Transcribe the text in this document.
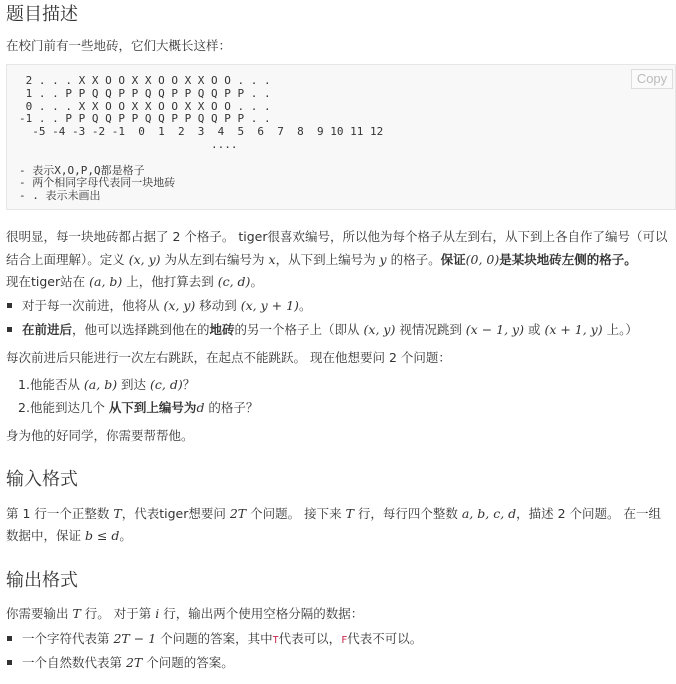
题目描述

在校门前有一些地砖，它们大概长这样：

2 . . . X X O O X X O O X X O O . . .
1 . . P P Q Q P P Q Q P P Q Q P P . .
0 . . . X X O O X X O O X X O O . . .
-1 . . P P Q Q P P Q Q P P Q Q P P . .
-5 -4 -3 -2 -1  0  1  2  3  4  5  6  7  8  9 10 11 12
....

- 表示X,O,P,Q都是格子
- 两个相同字母代表同一块地砖
- . 表示未画出

Copy

很明显，每一块地砖都占据了 2 个格子。 tiger很喜欢编号，所以他为每个格子从左到右，从下到上各自作了编号（可以

结合上面理解）。定义 (x, y) 为从左到右编号为 x，从下到上编号为 y 的格子。保证(0, 0)是某块地砖左侧的格子。

现在tiger站在 (a, b) 上，他打算去到 (c, d)。

对于每一次前进，他将从 (x, y) 移动到 (x, y + 1)。

在前进后，他可以选择跳到他在的地砖的另一个格子上（即从 (x, y) 视情况跳到 (x − 1, y) 或 (x + 1, y) 上。）

每次前进后只能进行一次左右跳跃，在起点不能跳跃。 现在他想要问 2 个问题：

1.他能否从 (a, b) 到达 (c, d)？

2.他能到达几个 从下到上编号为d 的格子？

身为他的好同学，你需要帮帮他。

输入格式

第 1 行一个正整数 T，代表tiger想要问 2T 个问题。 接下来 T 行，每行四个整数 a, b, c, d，描述 2 个问题。 在一组

数据中，保证 b ≤ d。

输出格式

你需要输出 T 行。 对于第 i 行，输出两个使用空格分隔的数据：

一个字符代表第 2T − 1 个问题的答案，其中T代表可以，F代表不可以。

一个自然数代表第 2T 个问题的答案。
